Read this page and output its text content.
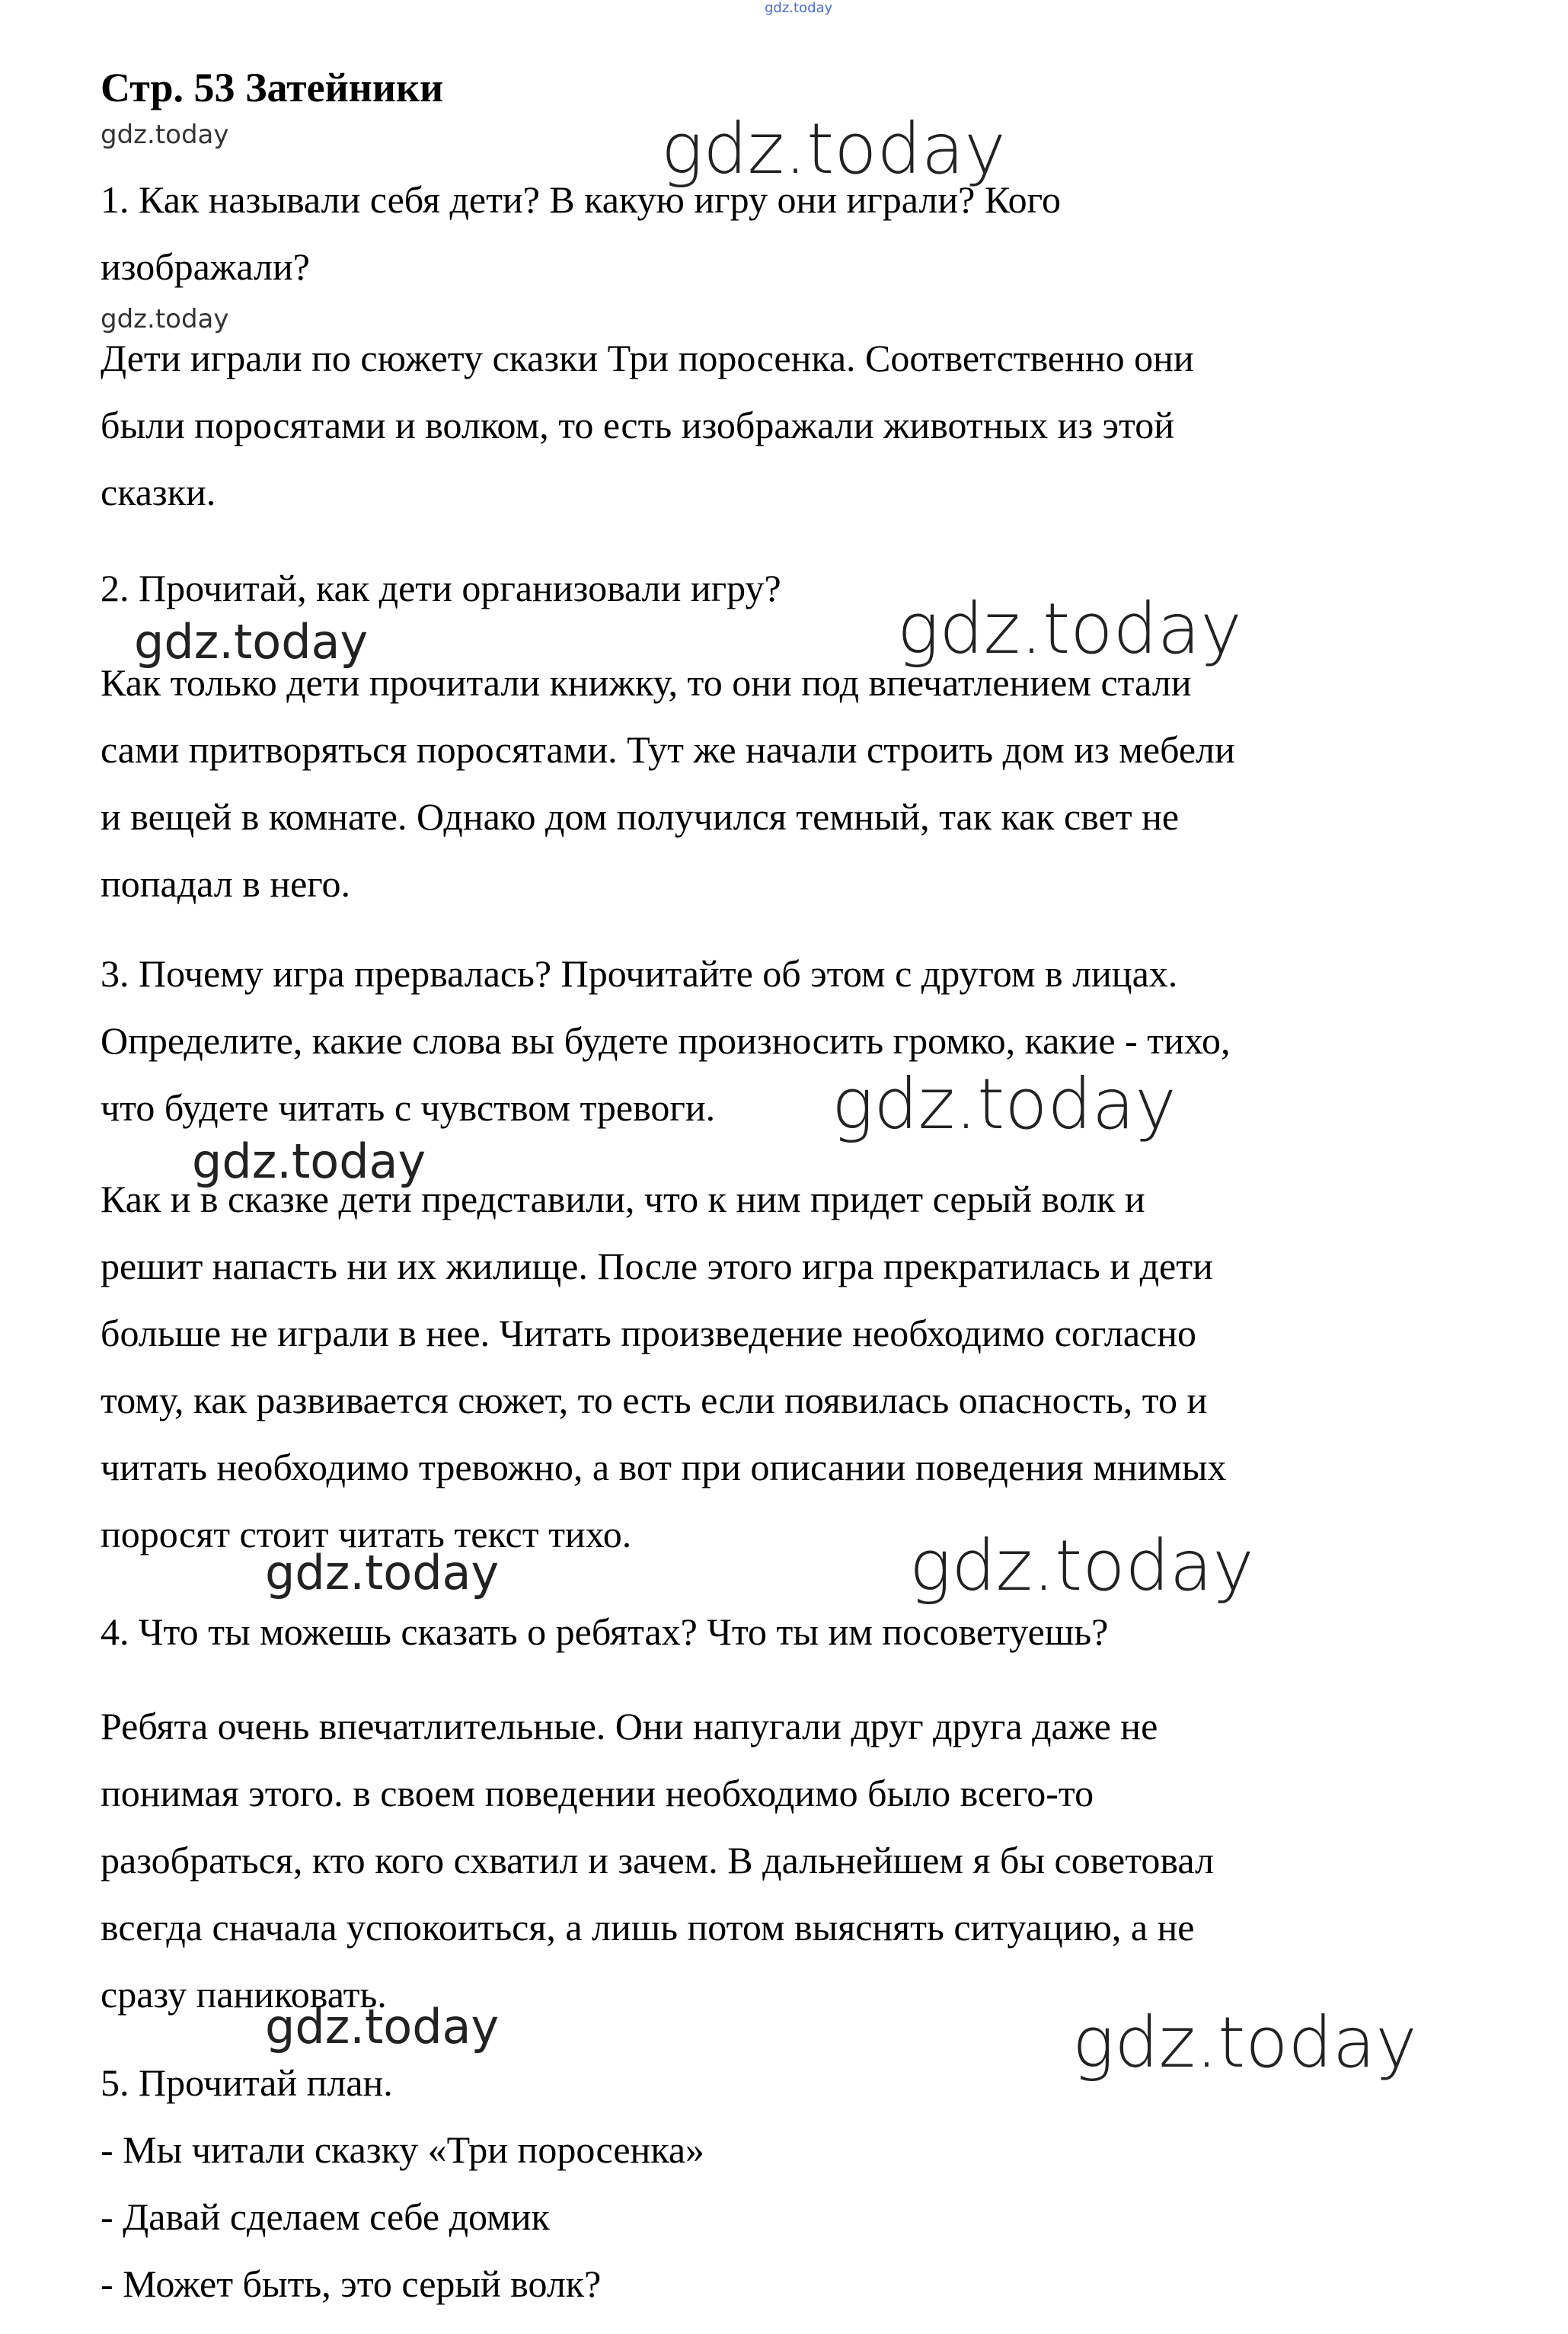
gdz.today
gdz.today
gdz.today
gdz.today
gdz.today
gdz.today
gdz.today
gdz.today
gdz.today
gdz.today
gdz.today
gdz.today
Стр. 53 Затейники
1. Как называли себя дети? В какую игру они играли? Кого
изображали?
Дети играли по сюжету сказки Три поросенка. Соответственно они
были поросятами и волком, то есть изображали животных из этой
сказки.
2. Прочитай, как дети организовали игру?
Как только дети прочитали книжку, то они под впечатлением стали
сами притворяться поросятами. Тут же начали строить дом из мебели
и вещей в комнате. Однако дом получился темный, так как свет не
попадал в него.
3. Почему игра прервалась? Прочитайте об этом с другом в лицах.
Определите, какие слова вы будете произносить громко, какие - тихо,
что будете читать с чувством тревоги.
Как и в сказке дети представили, что к ним придет серый волк и
решит напасть ни их жилище. После этого игра прекратилась и дети
больше не играли в нее. Читать произведение необходимо согласно
тому, как развивается сюжет, то есть если появилась опасность, то и
читать необходимо тревожно, а вот при описании поведения мнимых
поросят стоит читать текст тихо.
4. Что ты можешь сказать о ребятах? Что ты им посоветуешь?
Ребята очень впечатлительные. Они напугали друг друга даже не
понимая этого. в своем поведении необходимо было всего-то
разобраться, кто кого схватил и зачем. В дальнейшем я бы советовал
всегда сначала успокоиться, а лишь потом выяснять ситуацию, а не
сразу паниковать.
5. Прочитай план.
- Мы читали сказку «Три поросенка»
- Давай сделаем себе домик
- Может быть, это серый волк?
